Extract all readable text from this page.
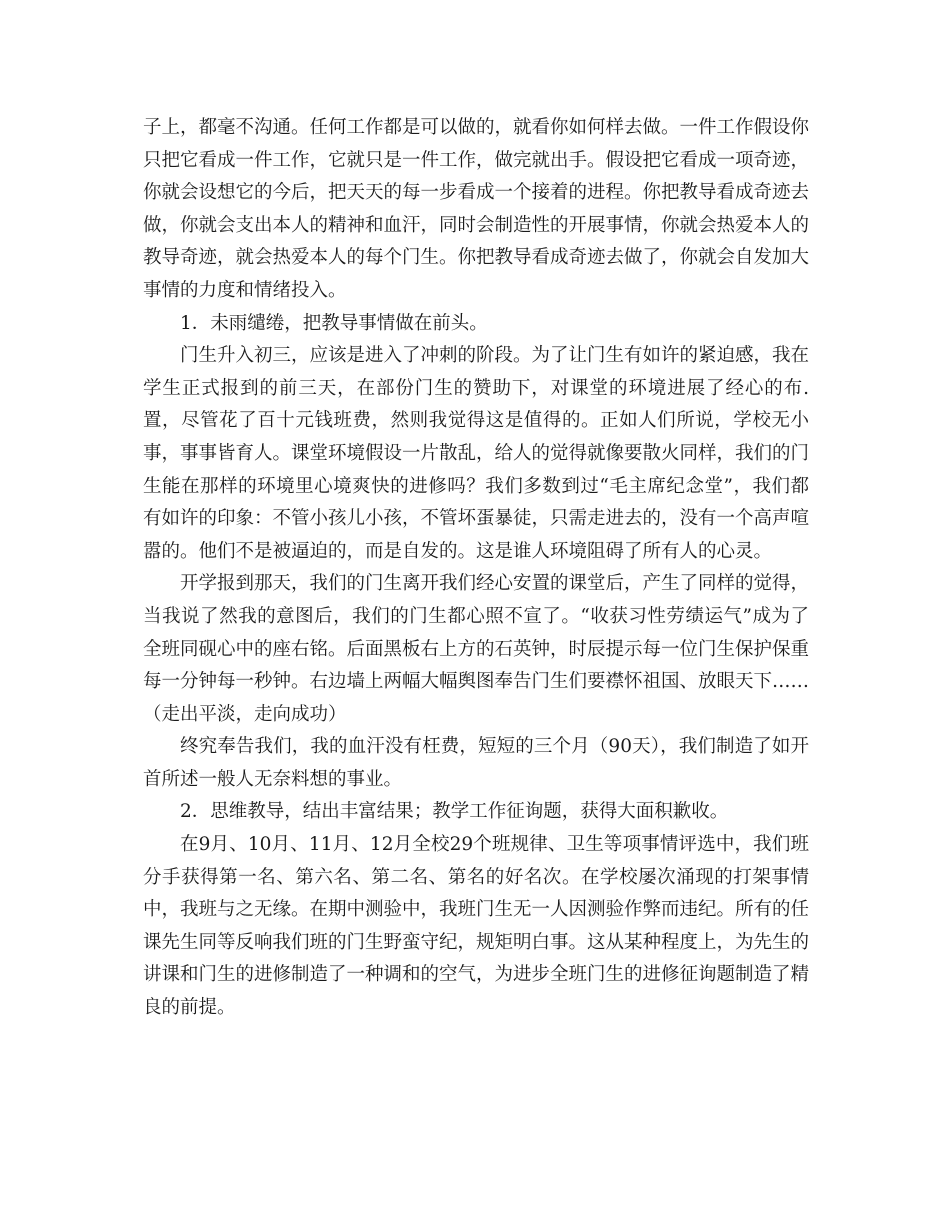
子上，都毫不沟通。任何工作都是可以做的，就看你如何样去做。一件工作假设你只把它看成一件工作，它就只是一件工作，做完就出手。假设把它看成一项奇迹，你就会设想它的今后，把天天的每一步看成一个接着的进程。你把教导看成奇迹去做，你就会支出本人的精神和血汗，同时会制造性的开展事情，你就会热爱本人的教导奇迹，就会热爱本人的每个门生。你把教导看成奇迹去做了，你就会自发加大事情的力度和情绪投入。

1．未雨缱绻，把教导事情做在前头。

门生升入初三，应该是进入了冲刺的阶段。为了让门生有如许的紧迫感，我在学生正式报到的前三天，在部份门生的赞助下，对课堂的环境进展了经心的布.置，尽管花了百十元钱班费，然则我觉得这是值得的。正如人们所说，学校无小事，事事皆育人。课堂环境假设一片散乱，给人的觉得就像要散火同样，我们的门生能在那样的环境里心境爽快的进修吗？我们多数到过“毛主席纪念堂”，我们都有如许的印象：不管小孩儿小孩，不管坏蛋暴徒，只需走进去的，没有一个高声喧嚣的。他们不是被逼迫的，而是自发的。这是谁人环境阻碍了所有人的心灵。

开学报到那天，我们的门生离开我们经心安置的课堂后，产生了同样的觉得，当我说了然我的意图后，我们的门生都心照不宣了。“收获习性劳绩运气”成为了全班同砚心中的座右铭。后面黑板右上方的石英钟，时辰提示每一位门生保护保重每一分钟每一秒钟。右边墙上两幅大幅舆图奉告门生们要襟怀祖国、放眼天下……（走出平淡，走向成功）

终究奉告我们，我的血汗没有枉费，短短的三个月（90天），我们制造了如开首所述一般人无奈料想的事业。

2．思维教导，结出丰富结果；教学工作征询题，获得大面积歉收。

在9月、10月、11月、12月全校29个班规律、卫生等项事情评选中，我们班分手获得第一名、第六名、第二名、第名的好名次。在学校屡次涌现的打架事情中，我班与之无缘。在期中测验中，我班门生无一人因测验作弊而违纪。所有的任课先生同等反响我们班的门生野蛮守纪，规矩明白事。这从某种程度上，为先生的讲课和门生的进修制造了一种调和的空气，为进步全班门生的进修征询题制造了精良的前提。
